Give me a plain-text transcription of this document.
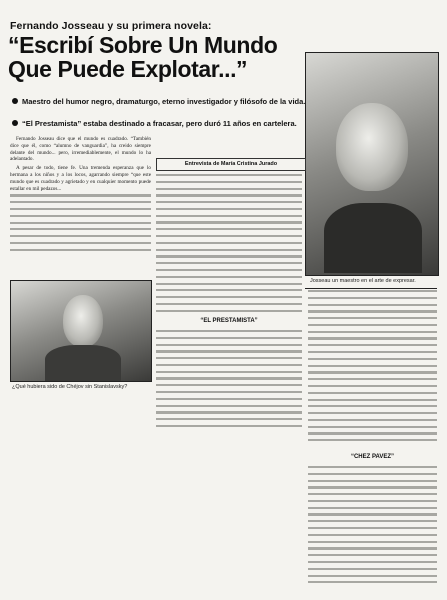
Fernando Josseau y su primera novela:
“Escribí Sobre Un Mundo Que Puede Explotar...”
Maestro del humor negro, dramaturgo, eterno investigador y filósofo de la vida.
“El Prestamista” estaba destinado a fracasar, pero duró 11 años en cartelera.
Josseau un maestro en el arte de expresar.
Entrevista de María Cristina Jurado

Fernando Josseau dice que el mundo es cuadrado. “También dice que él, como “alumno de vanguardia”, ha creido siempre delante del mundo... pero, irremediablemente, el mundo lo ha adelantado.

A pesar de todo, tiene fe. Una tremenda esperanza que lo hermana a los niños y a los locos, agarrando siempre “que este mundo que es cuadrado y agrietado y en cualquier momento puede estallar en mil pedazos...

¿Qué hubiera sido de Chéjov sin Stanislavsky?
“EL PRESTAMISTA”
“CHEZ PAVEZ”
